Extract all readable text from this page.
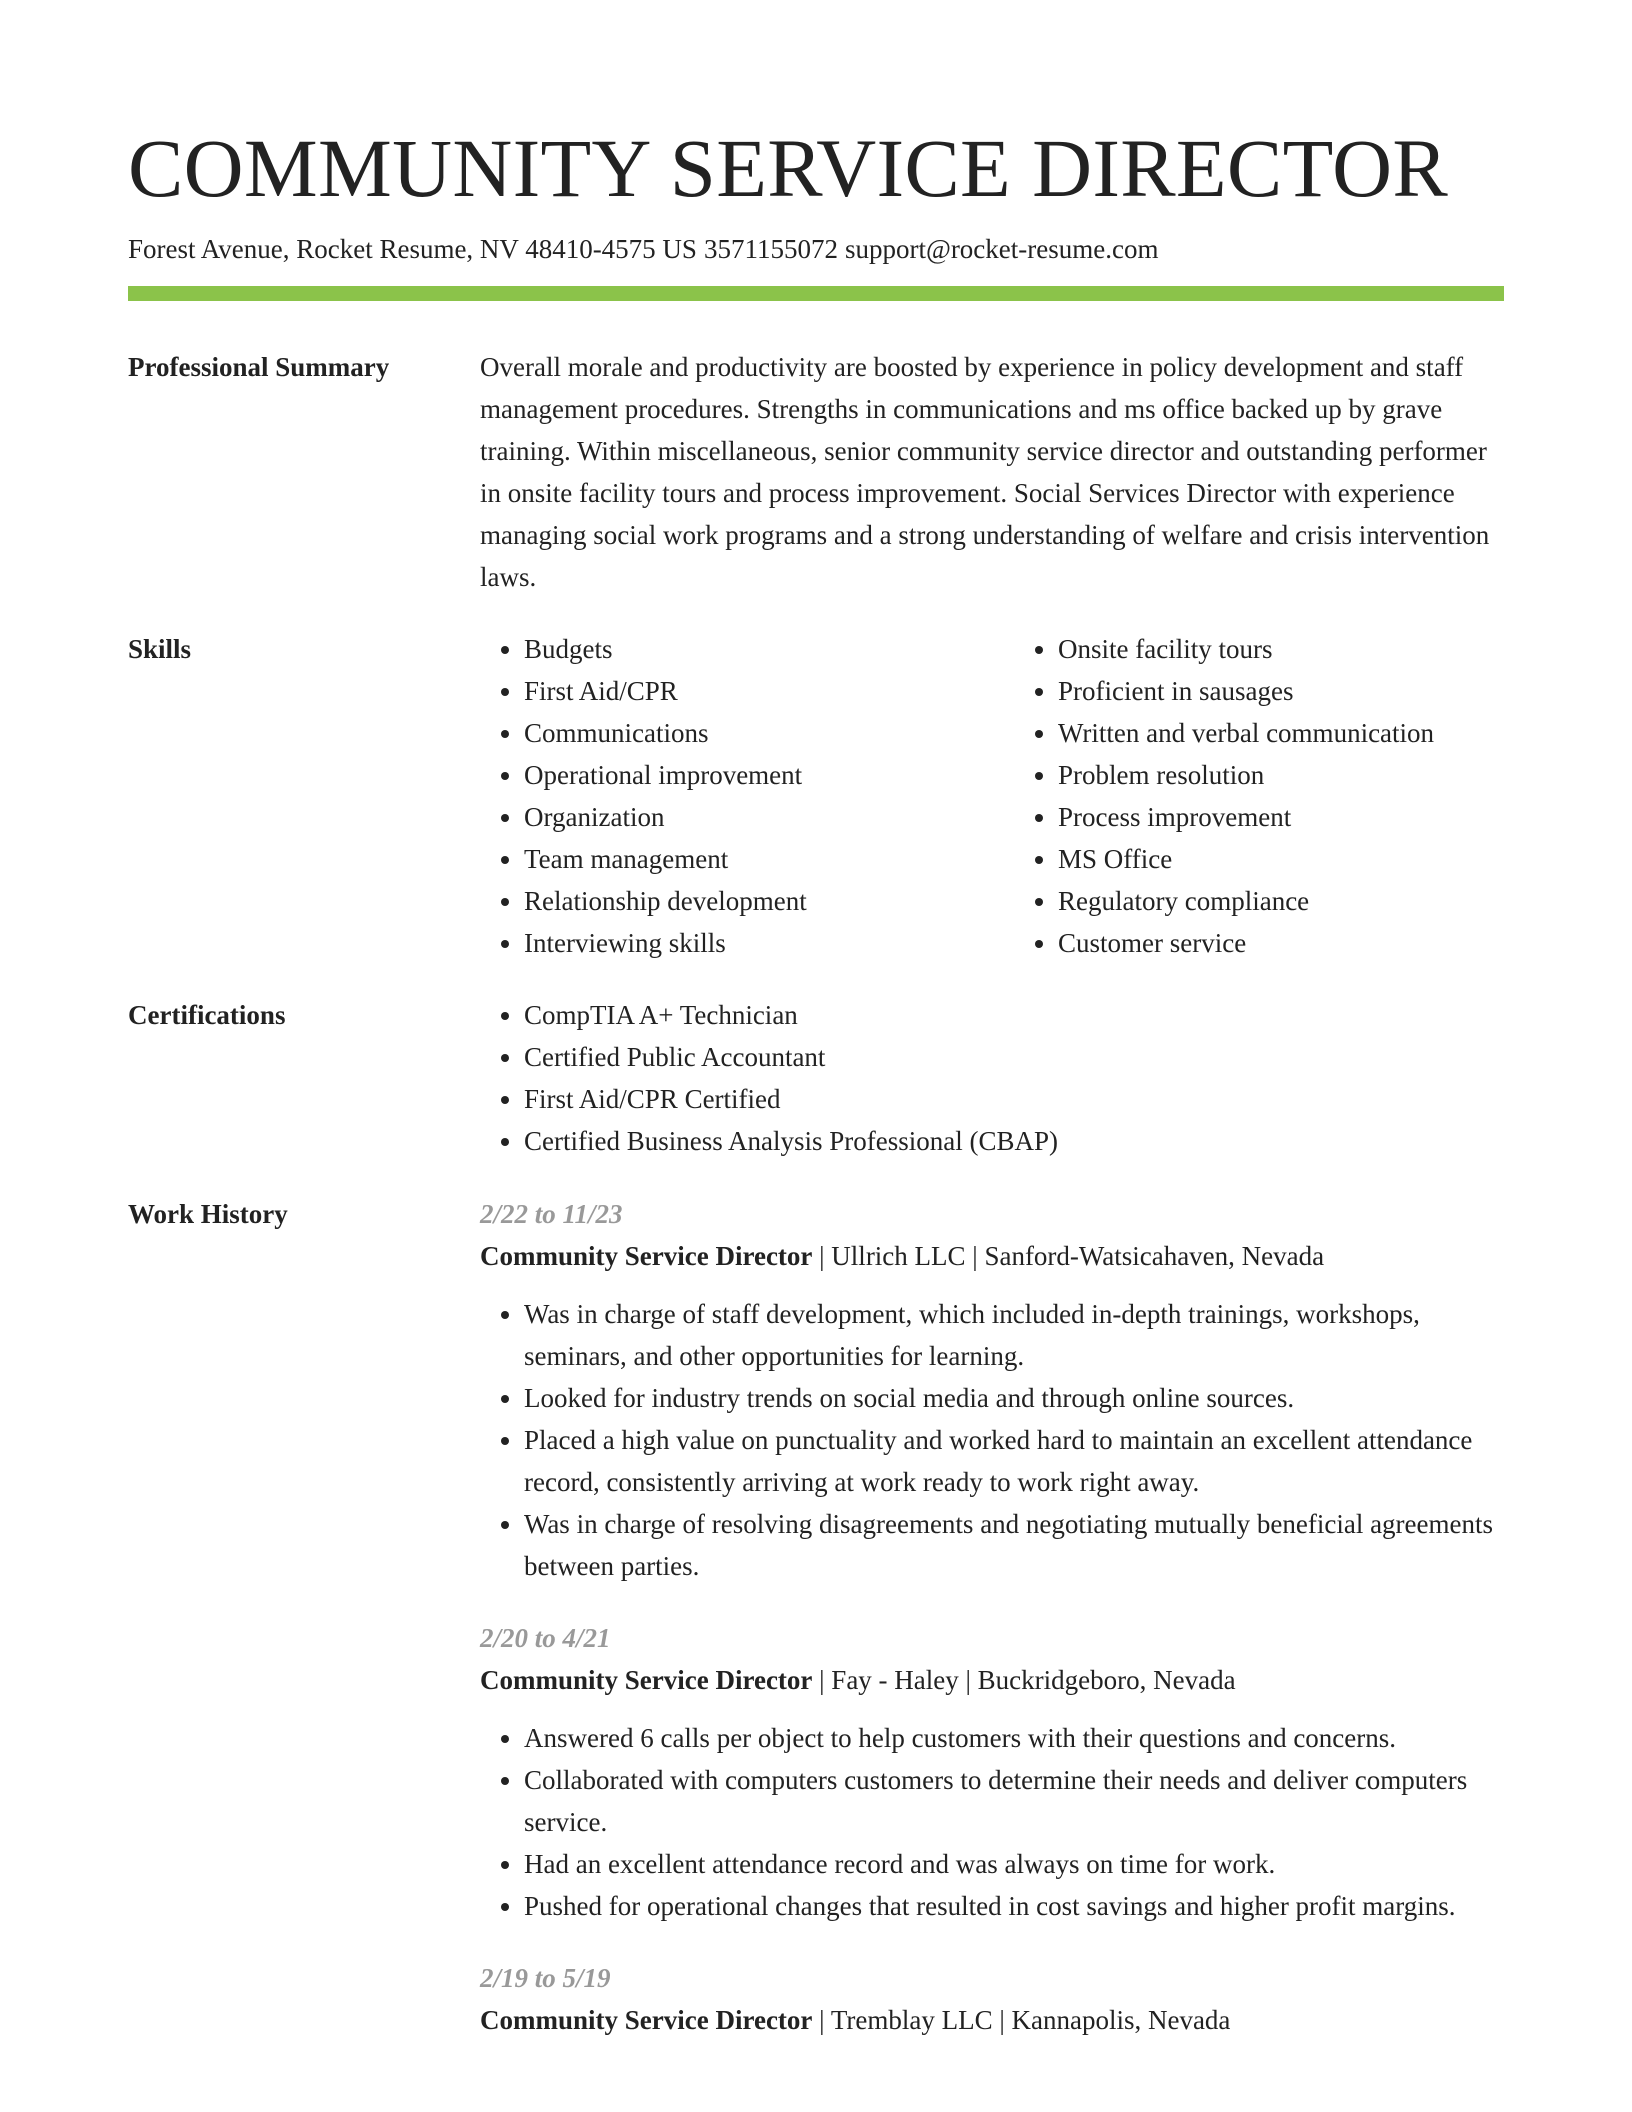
COMMUNITY SERVICE DIRECTOR
Forest Avenue, Rocket Resume, NV 48410-4575 US 3571155072 support@rocket-resume.com
Professional Summary	Overall morale and productivity are boosted by experience in policy development and staff management procedures. Strengths in communications and ms office backed up by grave training. Within miscellaneous, senior community service director and outstanding performer in onsite facility tours and process improvement. Social Services Director with experience managing social work programs and a strong understanding of welfare and crisis intervention laws.

Skills	• Budgets
• First Aid/CPR
• Communications
• Operational improvement
• Organization
• Team management
• Relationship development
• Interviewing skills
• Onsite facility tours
• Proficient in sausages
• Written and verbal communication
• Problem resolution
• Process improvement
• MS Office
• Regulatory compliance
• Customer service
Certifications	• CompTIA A+ Technician
• Certified Public Accountant
• First Aid/CPR Certified
• Certified Business Analysis Professional (CBAP)
Work History	2/22 to 11/23
Community Service Director | Ullrich LLC | Sanford-Watsicahaven, Nevada
• Was in charge of staff development, which included in-depth trainings, workshops, seminars, and other opportunities for learning.
• Looked for industry trends on social media and through online sources.
• Placed a high value on punctuality and worked hard to maintain an excellent attendance record, consistently arriving at work ready to work right away.
• Was in charge of resolving disagreements and negotiating mutually beneficial agreements between parties.
2/20 to 4/21
Community Service Director | Fay - Haley | Buckridgeboro, Nevada
• Answered 6 calls per object to help customers with their questions and concerns.
• Collaborated with computers customers to determine their needs and deliver computers service.
• Had an excellent attendance record and was always on time for work.
• Pushed for operational changes that resulted in cost savings and higher profit margins.
2/19 to 5/19
Community Service Director | Tremblay LLC | Kannapolis, Nevada
